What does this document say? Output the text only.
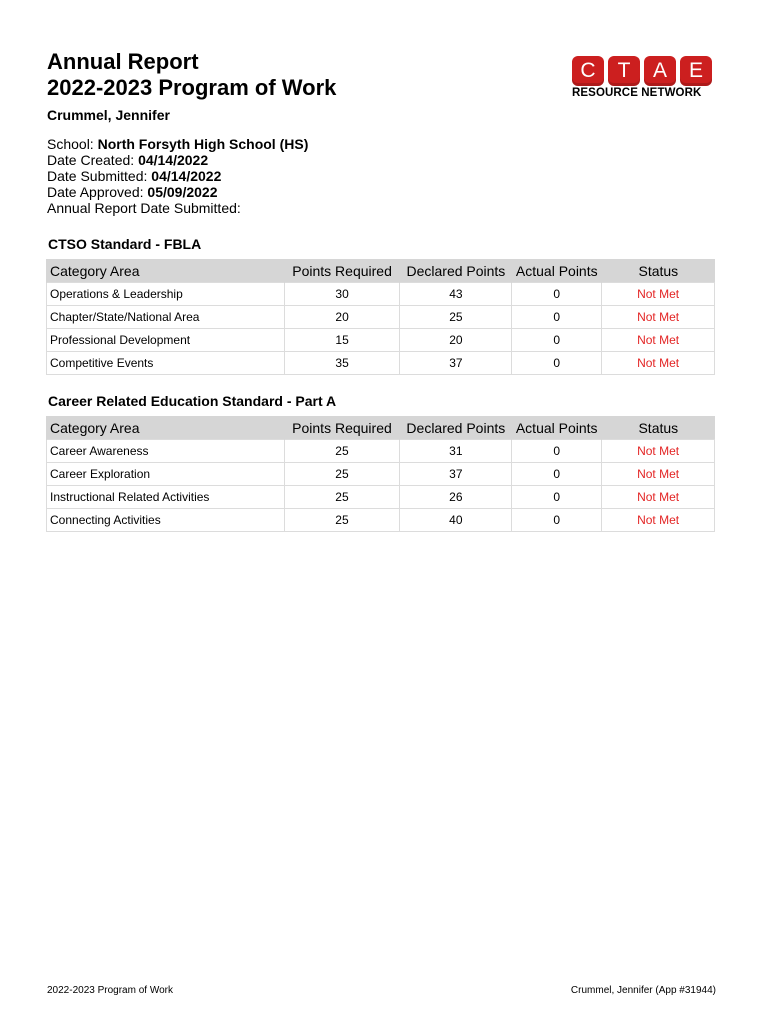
Annual Report
2022-2023 Program of Work
Crummel, Jennifer
C	T	A	E
RESOURCE NETWORK
School: North Forsyth High School (HS)
Date Created: 04/14/2022
Date Submitted: 04/14/2022
Date Approved: 05/09/2022
Annual Report Date Submitted:
CTSO Standard - FBLA
Category Area	Points Required	Declared Points	Actual Points	Status
Operations & Leadership	30	43	0	Not Met
Chapter/State/National Area	20	25	0	Not Met
Professional Development	15	20	0	Not Met
Competitive Events	35	37	0	Not Met
Career Related Education Standard - Part A
Category Area	Points Required	Declared Points	Actual Points	Status
Career Awareness	25	31	0	Not Met
Career Exploration	25	37	0	Not Met
Instructional Related Activities	25	26	0	Not Met
Connecting Activities	25	40	0	Not Met
2022-2023 Program of Work	Crummel, Jennifer (App #31944)
